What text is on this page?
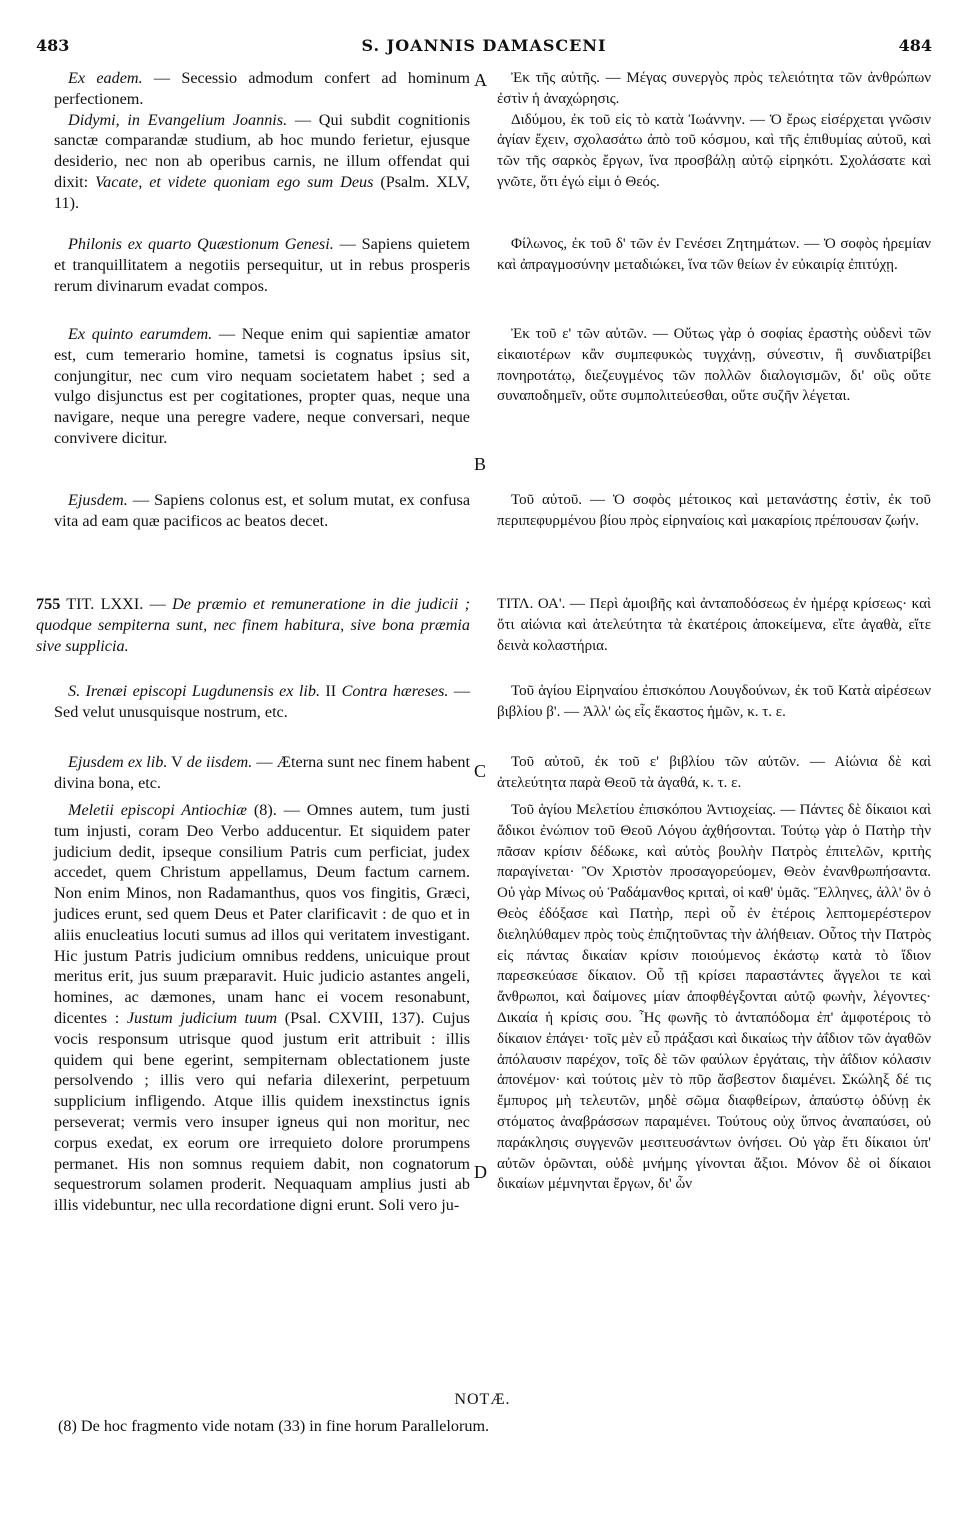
483	S. JOANNIS DAMASCENI	484
A
B
C
D

Ex eadem. — Secessio admodum confert ad hominum perfectionem.

Didymi, in Evangelium Joannis. — Qui subdit cognitionis sanctæ comparandæ studium, ab hoc mundo ferietur, ejusque desiderio, nec non ab operibus carnis, ne illum offendat qui dixit: Vacate, et videte quoniam ego sum Deus (Psalm. XLV, 11).

Philonis ex quarto Quæstionum Genesi. — Sapiens quietem et tranquillitatem a negotiis persequitur, ut in rebus prosperis rerum divinarum evadat compos.

Ex quinto earumdem. — Neque enim qui sapientiæ amator est, cum temerario homine, tametsi is cognatus ipsius sit, conjungitur, nec cum viro nequam societatem habet ; sed a vulgo disjunctus est per cogitationes, propter quas, neque una navigare, neque una peregre vadere, neque conversari, neque convivere dicitur.

Ejusdem. — Sapiens colonus est, et solum mutat, ex confusa vita ad eam quæ pacificos ac beatos decet.

755 TIT. LXXI. — De præmio et remuneratione in die judicii ; quodque sempiterna sunt, nec finem habitura, sive bona præmia sive supplicia.

S. Irenæi episcopi Lugdunensis ex lib. II Contra hæreses. — Sed velut unusquisque nostrum, etc.

Ejusdem ex lib. V de iisdem. — Æterna sunt nec finem habent divina bona, etc.

Meletii episcopi Antiochiæ (8). — Omnes autem, tum justi tum injusti, coram Deo Verbo adducentur. Et siquidem pater judicium dedit, ipseque consilium Patris cum perficiat, judex accedet, quem Christum appellamus, Deum factum carnem. Non enim Minos, non Radamanthus, quos vos fingitis, Græci, judices erunt, sed quem Deus et Pater clarificavit : de quo et in aliis enucleatius locuti sumus ad illos qui veritatem investigant. Hic justum Patris judicium omnibus reddens, unicuique prout meritus erit, jus suum præparavit. Huic judicio astantes angeli, homines, ac dæmones, unam hanc ei vocem resonabunt, dicentes : Justum judicium tuum (Psal. CXVIII, 137). Cujus vocis responsum utrisque quod justum erit attribuit : illis quidem qui bene egerint, sempiternam oblectationem juste persolvendo ; illis vero qui nefaria dilexerint, perpetuum supplicium infligendo. Atque illis quidem inexstinctus ignis perseverat; vermis vero insuper igneus qui non moritur, nec corpus exedat, ex eorum ore irrequieto dolore prorumpens permanet. His non somnus requiem dabit, non cognatorum sequestrorum solamen proderit. Nequaquam amplius justi ab illis videbuntur, nec ulla recordatione digni erunt. Soli vero ju-

Ἐκ τῆς αὐτῆς. — Μέγας συνεργὸς πρὸς τελειότητα τῶν ἀνθρώπων ἐστὶν ἡ ἀναχώρησις.

Διδύμου, ἐκ τοῦ εἰς τὸ κατὰ Ἰωάννην. — Ὁ ἔρως εἰσέρχεται γνῶσιν ἁγίαν ἔχειν, σχολασάτω ἀπὸ τοῦ κόσμου, καὶ τῆς ἐπιθυμίας αὐτοῦ, καὶ τῶν τῆς σαρκὸς ἔργων, ἵνα προσβάλῃ αὐτῷ εἰρηκότι. Σχολάσατε καὶ γνῶτε, ὅτι ἐγώ εἰμι ὁ Θεός.

Φίλωνος, ἐκ τοῦ δ' τῶν ἐν Γενέσει Ζητημάτων. — Ὁ σοφὸς ἠρεμίαν καὶ ἀπραγμοσύνην μεταδιώκει, ἵνα τῶν θείων ἐν εὐκαιρίᾳ ἐπιτύχῃ.

Ἐκ τοῦ ε' τῶν αὐτῶν. — Οὔτως γὰρ ὁ σοφίας ἐραστὴς οὐδενὶ τῶν εἰκαιοτέρων κἂν συμπεφυκὼς τυγχάνῃ, σύνεστιν, ἢ συνδιατρίβει πονηροτάτῳ, διεζευγμένος τῶν πολλῶν διαλογισμῶν, δι' οὓς οὔτε συναποδημεῖν, οὔτε συμπολιτεύεσθαι, οὔτε συζῆν λέγεται.

Τοῦ αὐτοῦ. — Ὁ σοφὸς μέτοικος καὶ μετανάστης ἐστὶν, ἐκ τοῦ περιπεφυρμένου βίου πρὸς εἰρηναίοις καὶ μακαρίοις πρέπουσαν ζωήν.

ΤΙΤΛ. ΟΑ'. — Περὶ ἀμοιβῆς καὶ ἀνταποδόσεως ἐν ἡμέρᾳ κρίσεως· καὶ ὅτι αἰώνια καὶ ἀτελεύτητα τὰ ἑκατέροις ἀποκείμενα, εἴτε ἀγαθὰ, εἴτε δεινὰ κολαστήρια.

Τοῦ ἁγίου Εἰρηναίου ἐπισκόπου Λουγδούνων, ἐκ τοῦ Κατὰ αἱρέσεων βιβλίου β'. — Ἀλλ' ὡς εἷς ἕκαστος ἡμῶν, κ. τ. ε.

Τοῦ αὐτοῦ, ἐκ τοῦ ε' βιβλίου τῶν αὐτῶν. — Αἰώνια δὲ καὶ ἀτελεύτητα παρὰ Θεοῦ τὰ ἀγαθά, κ. τ. ε.

Τοῦ ἁγίου Μελετίου ἐπισκόπου Ἀντιοχείας. — Πάντες δὲ δίκαιοι καὶ ἄδικοι ἐνώπιον τοῦ Θεοῦ Λόγου ἀχθήσονται. Τούτῳ γὰρ ὁ Πατὴρ τὴν πᾶσαν κρίσιν δέδωκε, καὶ αὐτὸς βουλὴν Πατρὸς ἐπιτελῶν, κριτὴς παραγίνεται· Ὃν Χριστὸν προσαγορεύομεν, Θεὸν ἐνανθρωπήσαντα. Οὐ γὰρ Μίνως οὐ Ῥαδάμανθος κριταὶ, οἱ καθ' ὑμᾶς. Ἕλληνες, ἀλλ' ὃν ὁ Θεὸς ἐδόξασε καὶ Πατὴρ, περὶ οὗ ἐν ἑτέροις λεπτομερέστερον διεληλύθαμεν πρὸς τοὺς ἐπιζητοῦντας τὴν ἀλήθειαν. Οὗτος τὴν Πατρὸς εἰς πάντας δικαίαν κρίσιν ποιούμενος ἑκάστῳ κατὰ τὸ ἴδιον παρεσκεύασε δίκαιον. Οὗ τῇ κρίσει παραστάντες ἄγγελοι τε καὶ ἄνθρωποι, καὶ δαίμονες μίαν ἀποφθέγξονται αὐτῷ φωνὴν, λέγοντες· Δικαία ἡ κρίσις σου. Ἧς φωνῆς τὸ ἀνταπόδομα ἐπ' ἀμφοτέροις τὸ δίκαιον ἐπάγει· τοῖς μὲν εὖ πράξασι καὶ δικαίως τὴν ἀΐδιον τῶν ἀγαθῶν ἀπόλαυσιν παρέχον, τοῖς δὲ τῶν φαύλων ἐργάταις, τὴν ἀΐδιον κόλασιν ἀπονέμον· καὶ τούτοις μὲν τὸ πῦρ ἄσβεστον διαμένει. Σκώληξ δέ τις ἔμπυρος μὴ τελευτῶν, μηδὲ σῶμα διαφθείρων, ἀπαύστῳ ὀδύνῃ ἐκ στόματος ἀναβράσσων παραμένει. Τούτους οὐχ ὕπνος ἀναπαύσει, οὐ παράκλησις συγγενῶν μεσιτευσάντων ὀνήσει. Οὐ γὰρ ἔτι δίκαιοι ὑπ' αὐτῶν ὁρῶνται, οὐδὲ μνήμης γίνονται ἄξιοι. Μόνον δὲ οἱ δίκαιοι δικαίων μέμνηνται ἔργων, δι' ὧν

NOTÆ.
(8) De hoc fragmento vide notam (33) in fine horum Parallelorum.
